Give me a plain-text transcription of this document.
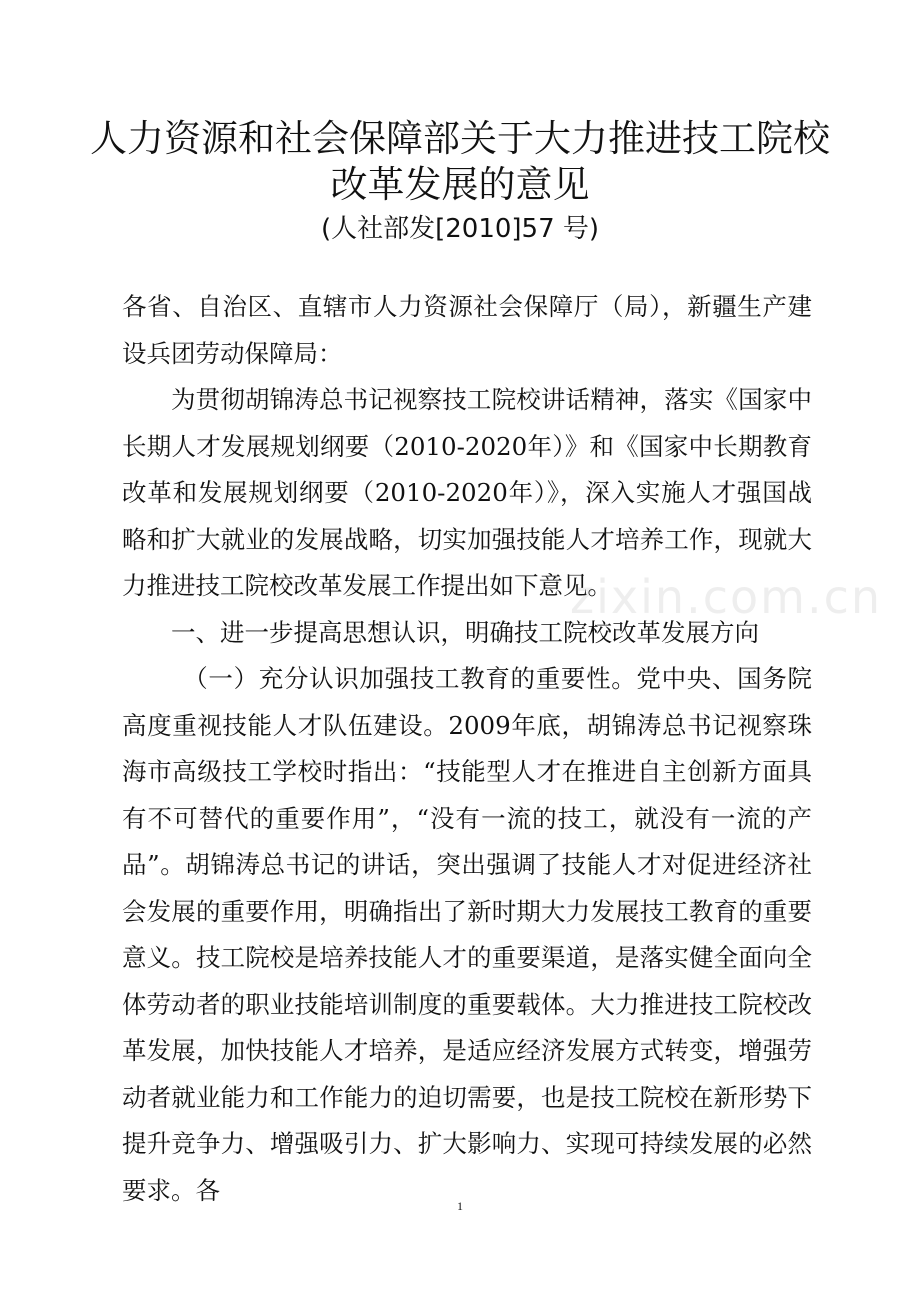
人力资源和社会保障部关于大力推进技工院校
改革发展的意见
(人社部发[2010]57 号)

各省、自治区、直辖市人力资源社会保障厅（局），新疆生产建设兵团劳动保障局：

为贯彻胡锦涛总书记视察技工院校讲话精神，落实《国家中长期人才发展规划纲要（2010-2020年）》和《国家中长期教育改革和发展规划纲要（2010-2020年）》，深入实施人才强国战略和扩大就业的发展战略，切实加强技能人才培养工作，现就大力推进技工院校改革发展工作提出如下意见。

一、进一步提高思想认识，明确技工院校改革发展方向

（一）充分认识加强技工教育的重要性。党中央、国务院高度重视技能人才队伍建设。2009年底，胡锦涛总书记视察珠海市高级技工学校时指出：“技能型人才在推进自主创新方面具有不可替代的重要作用”，“没有一流的技工，就没有一流的产品”。胡锦涛总书记的讲话，突出强调了技能人才对促进经济社会发展的重要作用，明确指出了新时期大力发展技工教育的重要意义。技工院校是培养技能人才的重要渠道，是落实健全面向全体劳动者的职业技能培训制度的重要载体。大力推进技工院校改革发展，加快技能人才培养，是适应经济发展方式转变，增强劳动者就业能力和工作能力的迫切需要，也是技工院校在新形势下提升竞争力、增强吸引力、扩大影响力、实现可持续发展的必然要求。各

zixin.com.cn
1
